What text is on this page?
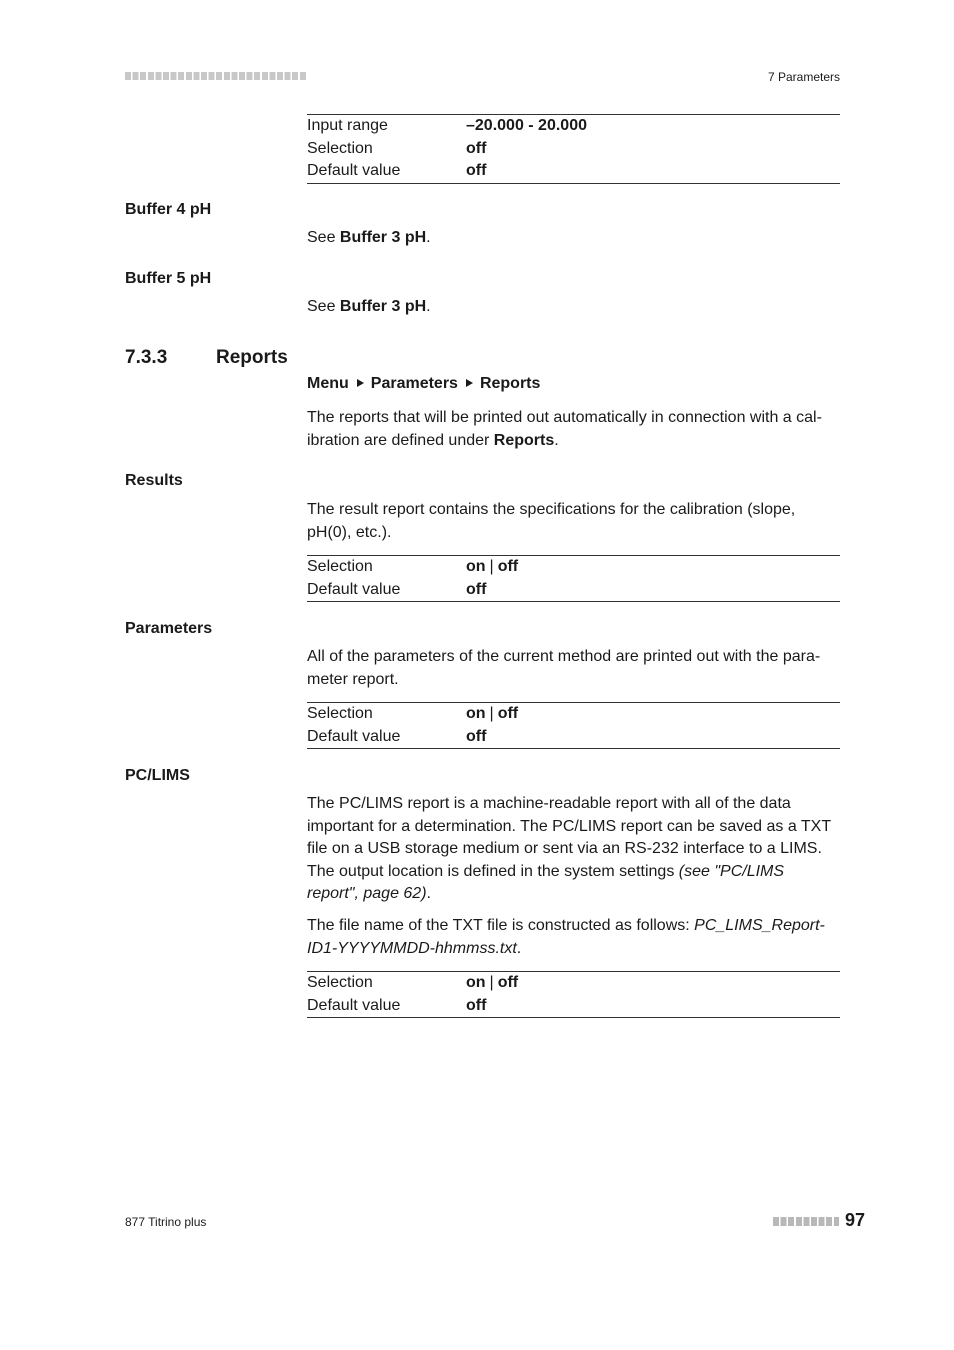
7 Parameters
Input range	–20.000 - 20.000
Selection	off
Default value	off
Buffer 4 pH
See Buffer 3 pH.
Buffer 5 pH
See Buffer 3 pH.
7.3.3	Reports
Menu Parameters Reports
The reports that will be printed out automatically in connection with a cal-
ibration are defined under Reports.
Results
The result report contains the specifications for the calibration (slope, pH(0), etc.).
Selection	on | off
Default value	off
Parameters
All of the parameters of the current method are printed out with the para- meter report.
Selection	on | off
Default value	off
PC/LIMS
The PC/LIMS report is a machine-readable report with all of the data important for a determination. The PC/LIMS report can be saved as a TXT file on a USB storage medium or sent via an RS-232 interface to a LIMS. The output location is defined in the system settings (see "PC/LIMS report", page 62).
The file name of the TXT file is constructed as follows: PC_LIMS_Report-ID1-YYYYMMDD-hhmmss.txt.
Selection	on | off
Default value	off
877 Titrino plus	97
